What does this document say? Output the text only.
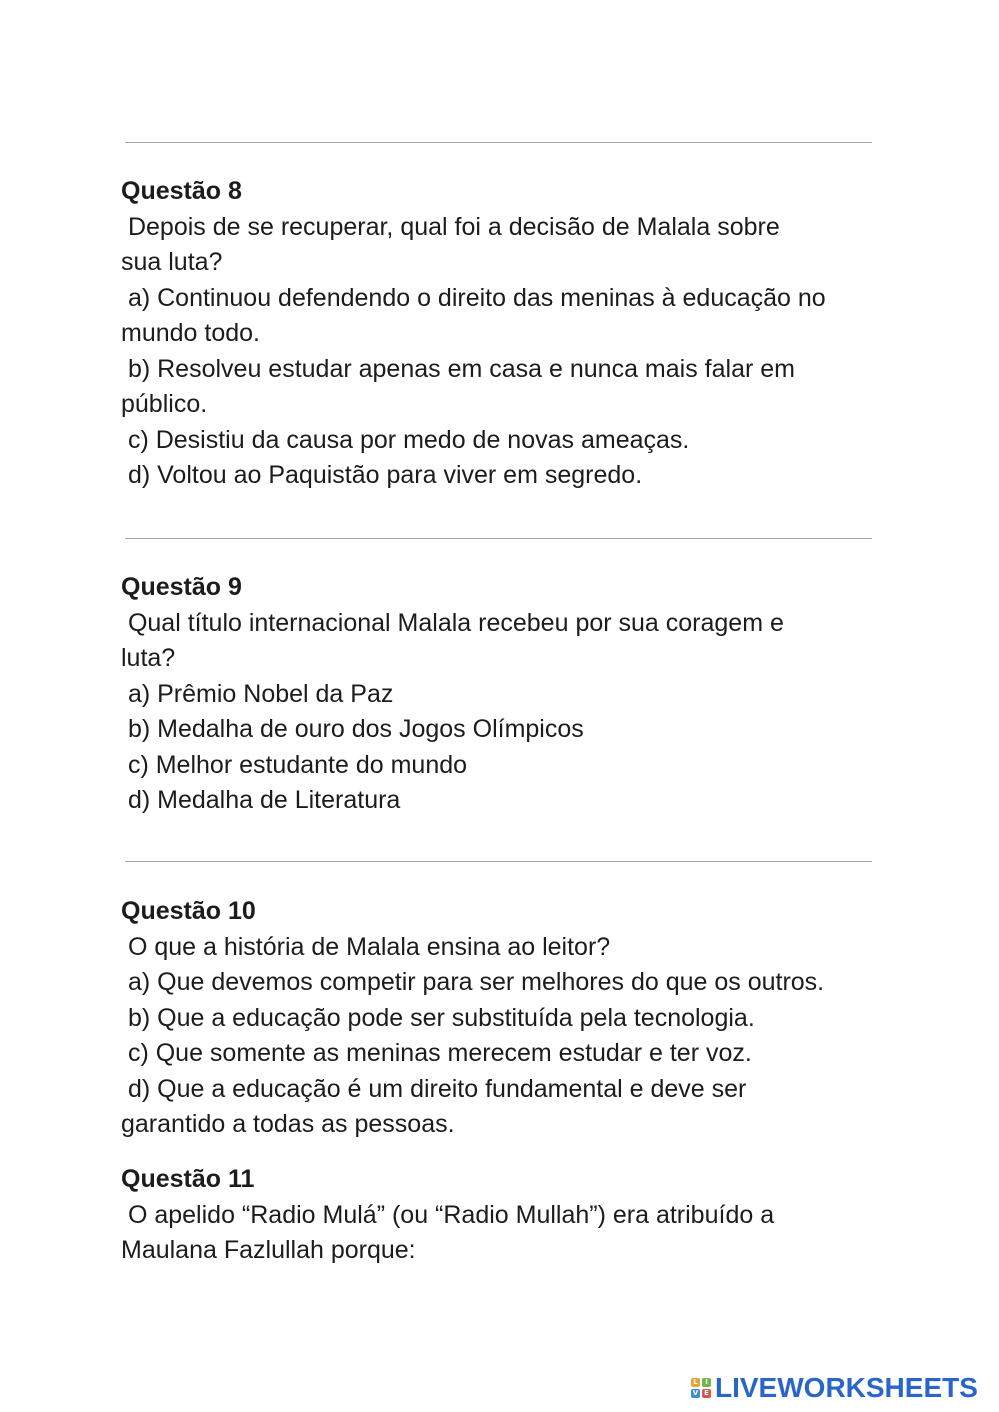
Questão 8
Depois de se recuperar, qual foi a decisão de Malala sobre
sua luta?
a) Continuou defendendo o direito das meninas à educação no
mundo todo.
b) Resolveu estudar apenas em casa e nunca mais falar em
público.
c) Desistiu da causa por medo de novas ameaças.
d) Voltou ao Paquistão para viver em segredo.
Questão 9
Qual título internacional Malala recebeu por sua coragem e
luta?
a) Prêmio Nobel da Paz
b) Medalha de ouro dos Jogos Olímpicos
c) Melhor estudante do mundo
d) Medalha de Literatura
Questão 10
O que a história de Malala ensina ao leitor?
a) Que devemos competir para ser melhores do que os outros.
b) Que a educação pode ser substituída pela tecnologia.
c) Que somente as meninas merecem estudar e ter voz.
d) Que a educação é um direito fundamental e deve ser
garantido a todas as pessoas.
Questão 11
O apelido “Radio Mulá” (ou “Radio Mullah”) era atribuído a
Maulana Fazlullah porque:
L	I
V E LIVEWORKSHEETS
